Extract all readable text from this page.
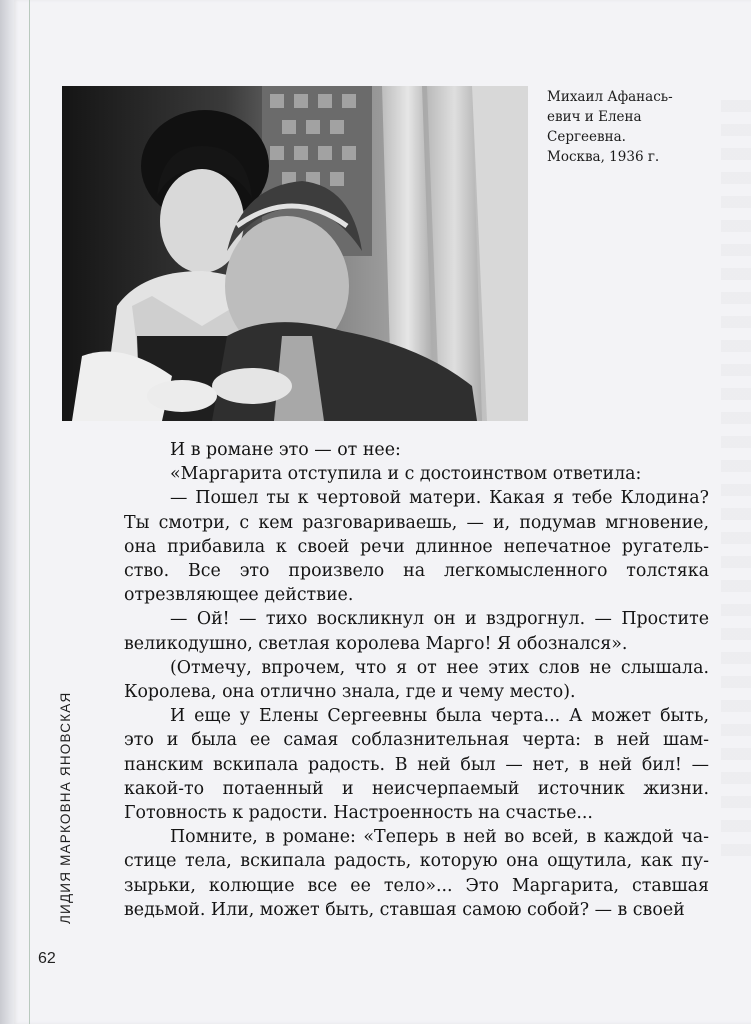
Михаил Афанась-
евич и Елена
Сергеевна.
Москва, 1936 г.

И в романе это — от нее:

«Маргарита отступила и с достоинством ответила:

— Пошел ты к чертовой матери. Какая я тебе Клодина? Ты смотри, с кем разговариваешь, — и, подумав мгновение, она прибавила к своей речи длинное непечатное ругательство. Все это произвело на легкомысленного толстяка отрезвляющее действие.

— Ой! — тихо воскликнул он и вздрогнул. — Простите великодушно, светлая королева Марго! Я обознался».

(Отмечу, впрочем, что я от нее этих слов не слышала. Королева, она отлично знала, где и чему место).

И еще у Елены Сергеевны была черта... А может быть, это и была ее самая соблазнительная черта: в ней шампанским вскипала радость. В ней был — нет, в ней бил! — какой-то потаенный и неисчерпаемый источник жизни. Готовность к радости. Настроенность на счастье...

Помните, в романе: «Теперь в ней во всей, в каждой частице тела, вскипала радость, которую она ощутила, как пузырьки, колющие все ее тело»... Это Маргарита, ставшая ведьмой. Или, может быть, ставшая самою собой? — в своей

ЛИДИЯ МАРКОВНА ЯНОВСКАЯ
62
